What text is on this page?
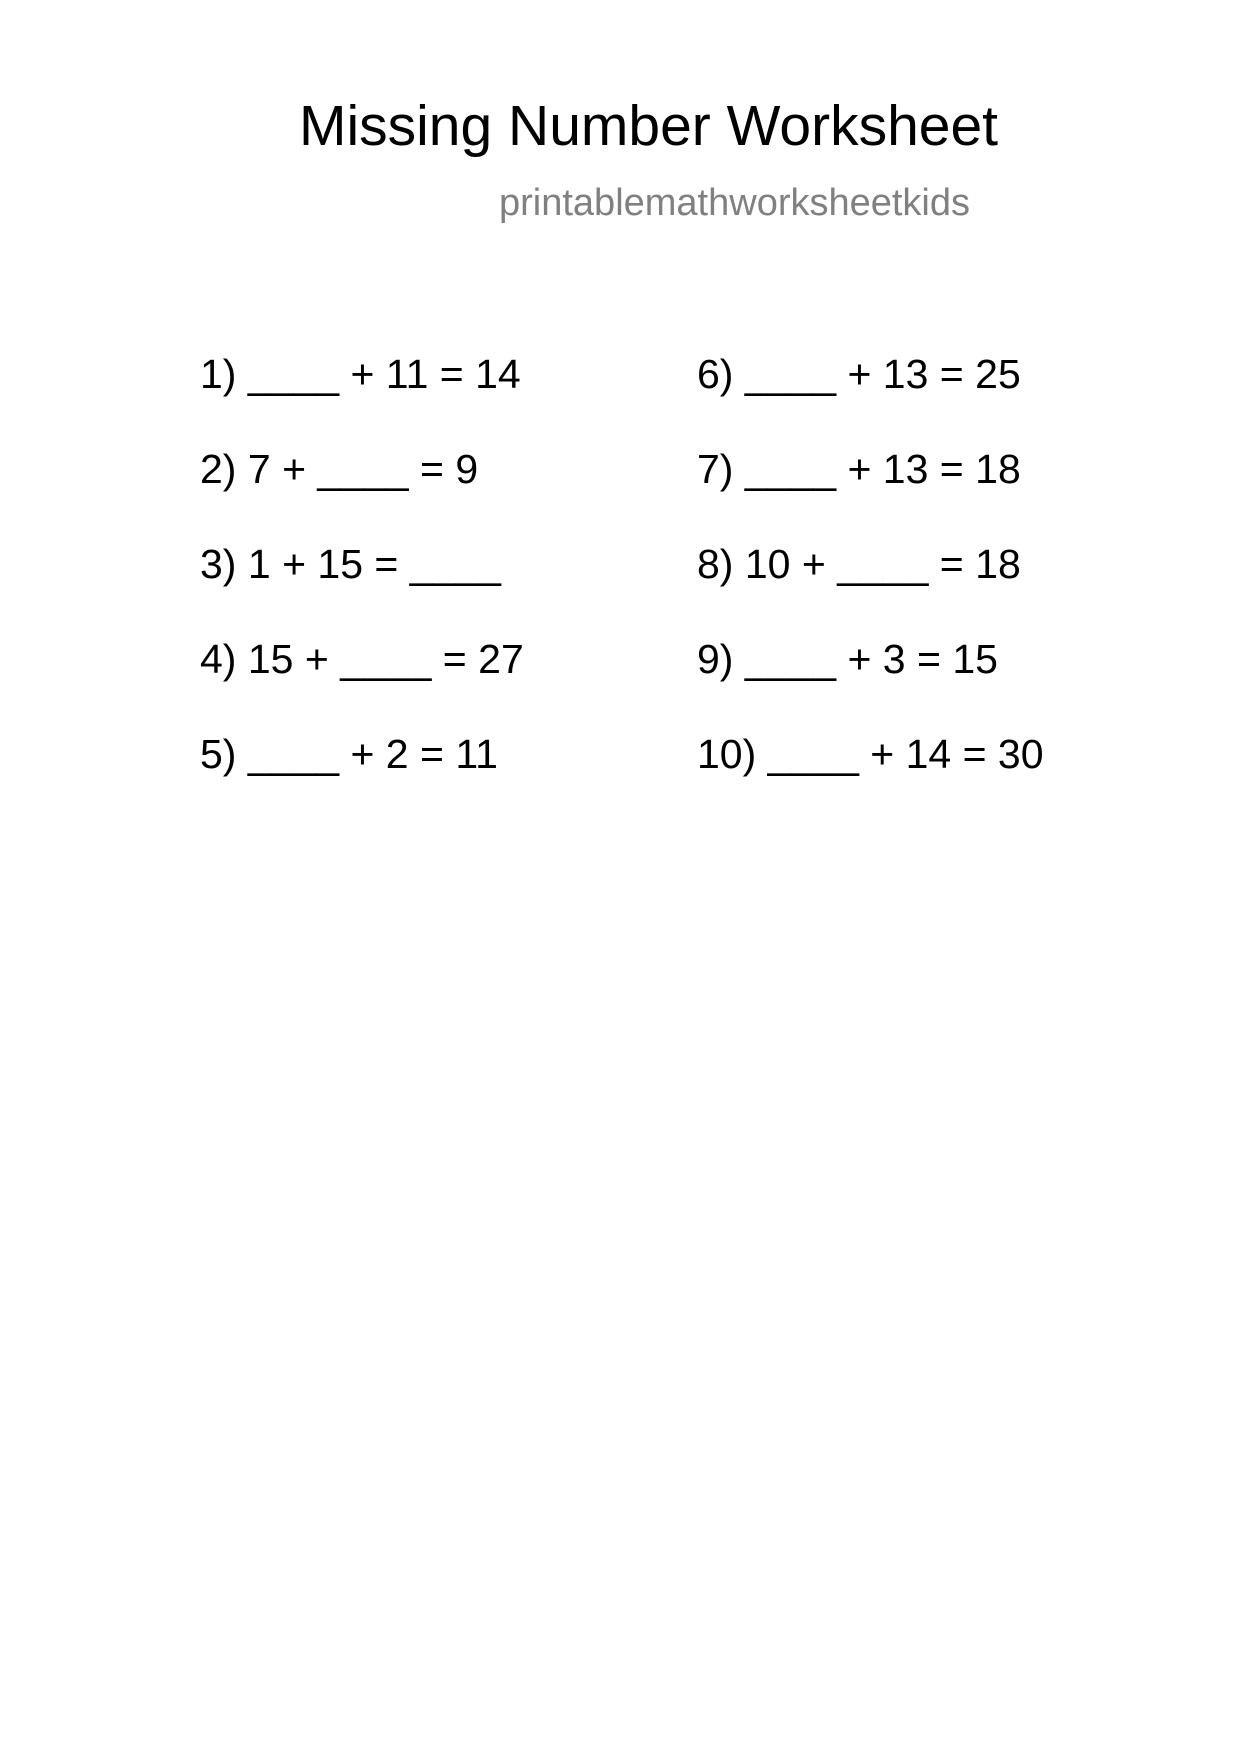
Missing Number Worksheet
printablemathworksheetkids
1) ____ + 11 = 14
2) 7 + ____ = 9
3) 1 + 15 = ____
4) 15 + ____ = 27
5) ____ + 2 = 11
6) ____ + 13 = 25
7) ____ + 13 = 18
8) 10 + ____ = 18
9) ____ + 3 = 15
10) ____ + 14 = 30
